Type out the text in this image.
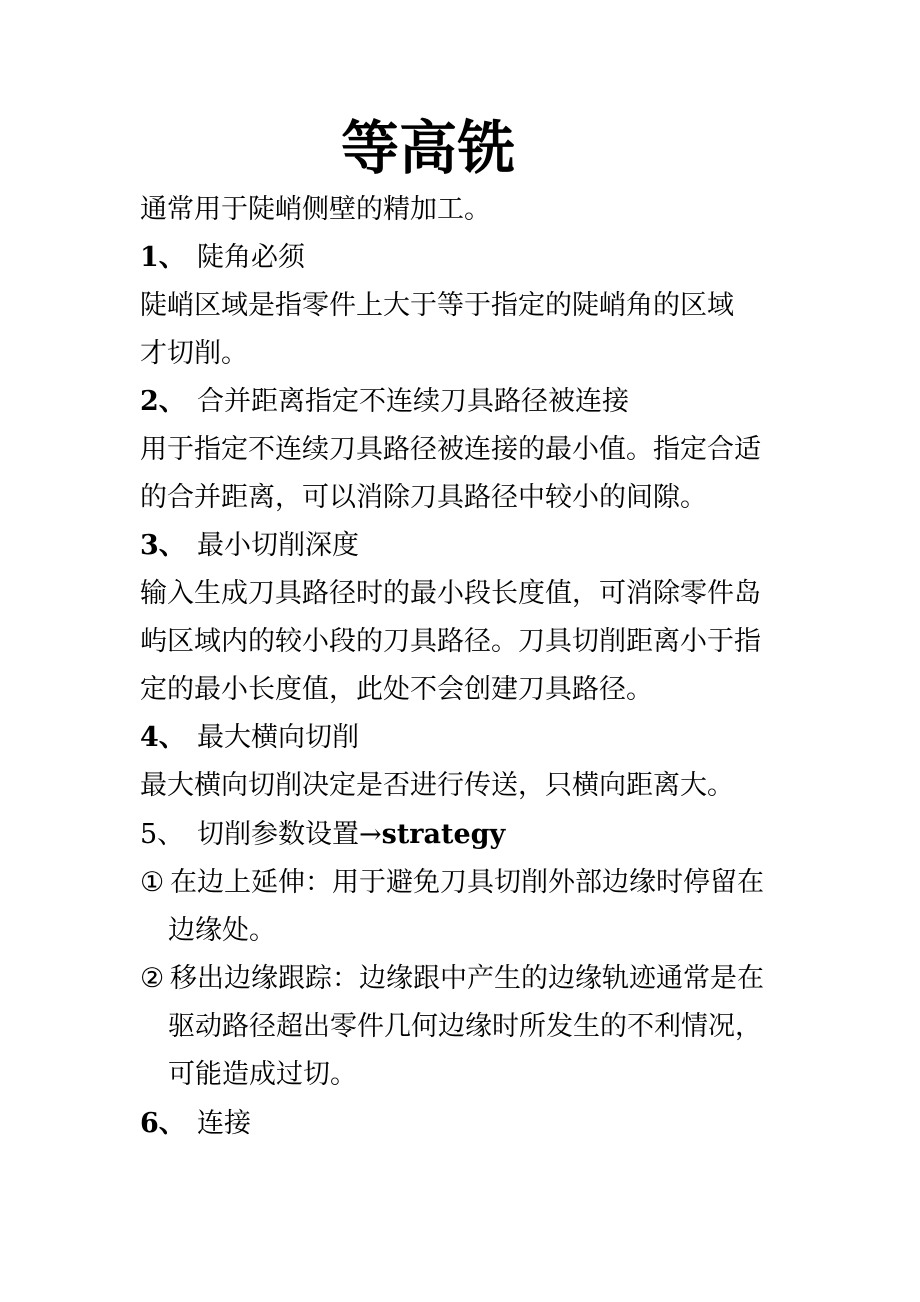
等高铣
通常用于陡峭侧壁的精加工。
1、 陡角必须
陡峭区域是指零件上大于等于指定的陡峭角的区域
才切削。
2、 合并距离指定不连续刀具路径被连接
用于指定不连续刀具路径被连接的最小值。指定合适
的合并距离，可以消除刀具路径中较小的间隙。
3、 最小切削深度
输入生成刀具路径时的最小段长度值，可消除零件岛
屿区域内的较小段的刀具路径。刀具切削距离小于指
定的最小长度值，此处不会创建刀具路径。
4、 最大横向切削
最大横向切削决定是否进行传送，只横向距离大。
5、 切削参数设置→strategy
① 在边上延伸：用于避免刀具切削外部边缘时停留在
边缘处。
② 移出边缘跟踪：边缘跟中产生的边缘轨迹通常是在
驱动路径超出零件几何边缘时所发生的不利情况，
可能造成过切。
6、 连接
